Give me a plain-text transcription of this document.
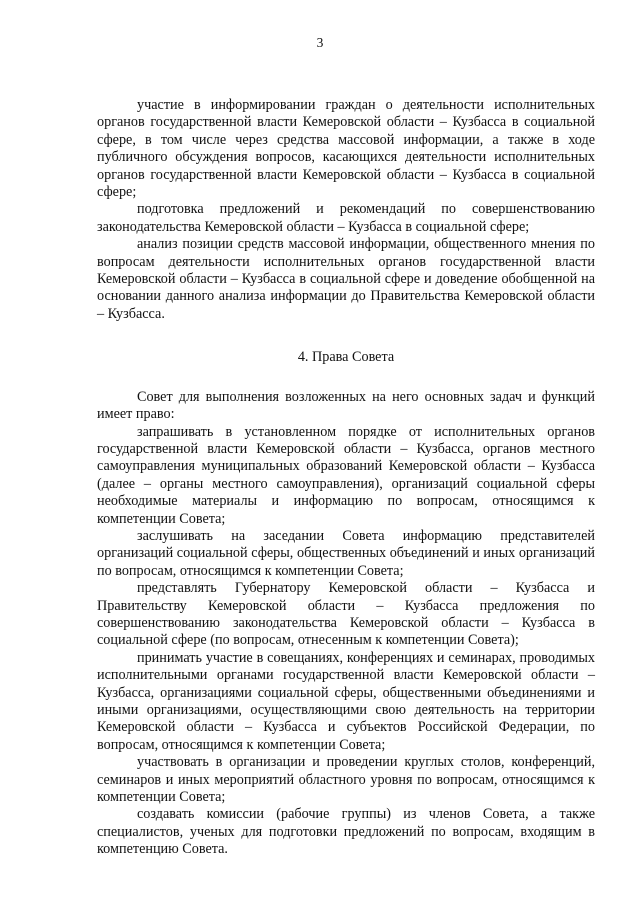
3

участие в информировании граждан о деятельности исполнительных органов государственной власти Кемеровской области – Кузбасса в социальной сфере, в том числе через средства массовой информации, а также в ходе публичного обсуждения вопросов, касающихся деятельности исполнительных органов государственной власти Кемеровской области – Кузбасса в социальной сфере;

подготовка предложений и рекомендаций по совершенствованию законодательства Кемеровской области – Кузбасса в социальной сфере;

анализ позиции средств массовой информации, общественного мнения по вопросам деятельности исполнительных органов государственной власти Кемеровской области – Кузбасса в социальной сфере и доведение обобщенной на основании данного анализа информации до Правительства Кемеровской области – Кузбасса.

4. Права Совета

Совет для выполнения возложенных на него основных задач и функций имеет право:

запрашивать в установленном порядке от исполнительных органов государственной власти Кемеровской области – Кузбасса, органов местного самоуправления муниципальных образований Кемеровской области – Кузбасса (далее – органы местного самоуправления), организаций социальной сферы необходимые материалы и информацию по вопросам, относящимся к компетенции Совета;

заслушивать на заседании Совета информацию представителей организаций социальной сферы, общественных объединений и иных организаций по вопросам, относящимся к компетенции Совета;

представлять Губернатору Кемеровской области – Кузбасса и Правительству Кемеровской области – Кузбасса предложения по совершенствованию законодательства Кемеровской области – Кузбасса в социальной сфере (по вопросам, отнесенным к компетенции Совета);

принимать участие в совещаниях, конференциях и семинарах, проводимых исполнительными органами государственной власти Кемеровской области – Кузбасса, организациями социальной сферы, общественными объединениями и иными организациями, осуществляющими свою деятельность на территории Кемеровской области – Кузбасса и субъектов Российской Федерации, по вопросам, относящимся к компетенции Совета;

участвовать в организации и проведении круглых столов, конференций, семинаров и иных мероприятий областного уровня по вопросам, относящимся к компетенции Совета;

создавать комиссии (рабочие группы) из членов Совета, а также специалистов, ученых для подготовки предложений по вопросам, входящим в компетенцию Совета.
